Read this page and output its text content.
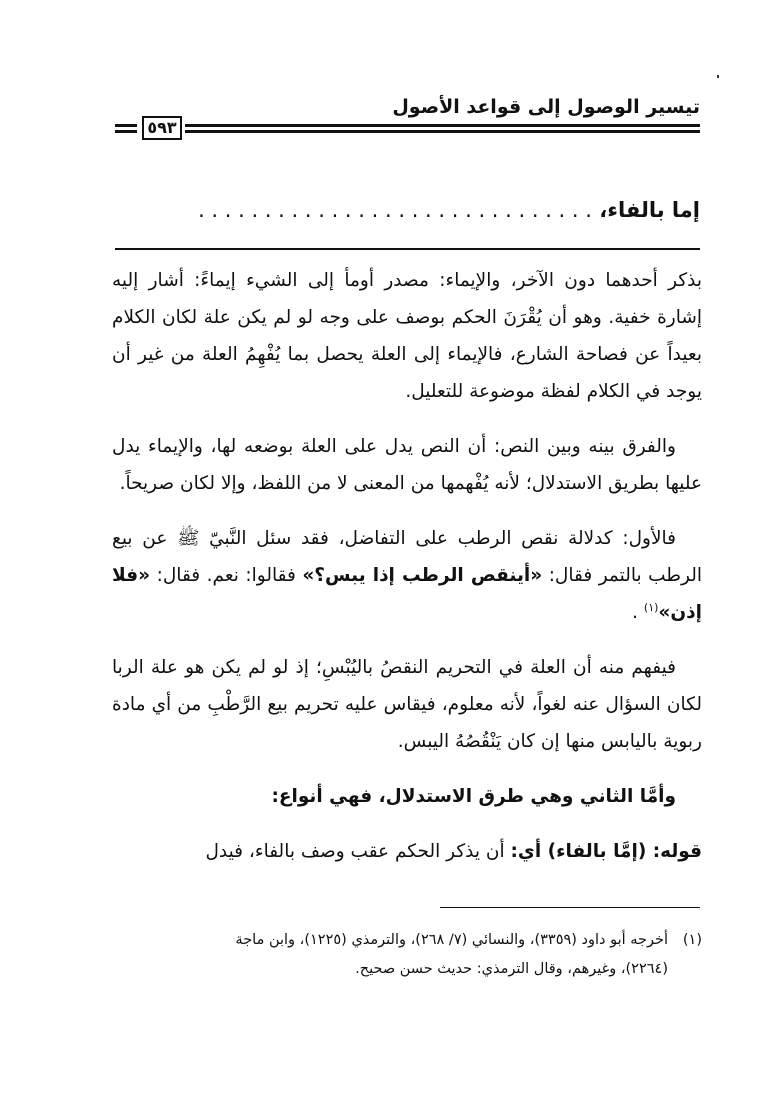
تيسير الوصول إلى قواعد الأصول
٥٩٣
إما بالفاء، . . . . . . . . . . . . . . . . . . . . . . . . . . . . . .

بذكر أحدهما دون الآخر، والإيماء: مصدر أومأ إلى الشيء إيماءً: أشار إليه إشارة خفية. وهو أن يُقْرَنَ الحكم بوصف على وجه لو لم يكن علة لكان الكلام بعيداً عن فصاحة الشارع، فالإيماء إلى العلة يحصل بما يُفْهِمُ العلة من غير أن يوجد في الكلام لفظة موضوعة للتعليل.

والفرق بينه وبين النص: أن النص يدل على العلة بوضعه لها، والإيماء يدل عليها بطريق الاستدلال؛ لأنه يُفْهمها من المعنى لا من اللفظ، وإلا لكان صريحاً.

فالأول: كدلالة نقص الرطب على التفاضل، فقد سئل النَّبيّ ﷺ عن بيع الرطب بالتمر فقال: «أينقص الرطب إذا يبس؟» فقالوا: نعم. فقال: «فلا إذن»$^{(١)}$ .

فيفهم منه أن العلة في التحريم النقصُ باليُبْسِ؛ إذ لو لم يكن هو علة الربا لكان السؤال عنه لغواً، لأنه معلوم، فيقاس عليه تحريم بيع الرَّطْبِ من أي مادة ربوية باليابس منها إن كان يَنْقُصُهُ اليبس.

وأمَّا الثاني وهي طرق الاستدلال، فهي أنواع:

قوله: (إمَّا بالفاء) أي: أن يذكر الحكم عقب وصف بالفاء، فيدل

(١)أخرجه أبو داود (٣٣٥٩)، والنسائي (٧/ ٢٦٨)، والترمذي (١٢٢٥)، وابن ماجة
(٢٢٦٤)، وغيرهم، وقال الترمذي: حديث حسن صحيح.
